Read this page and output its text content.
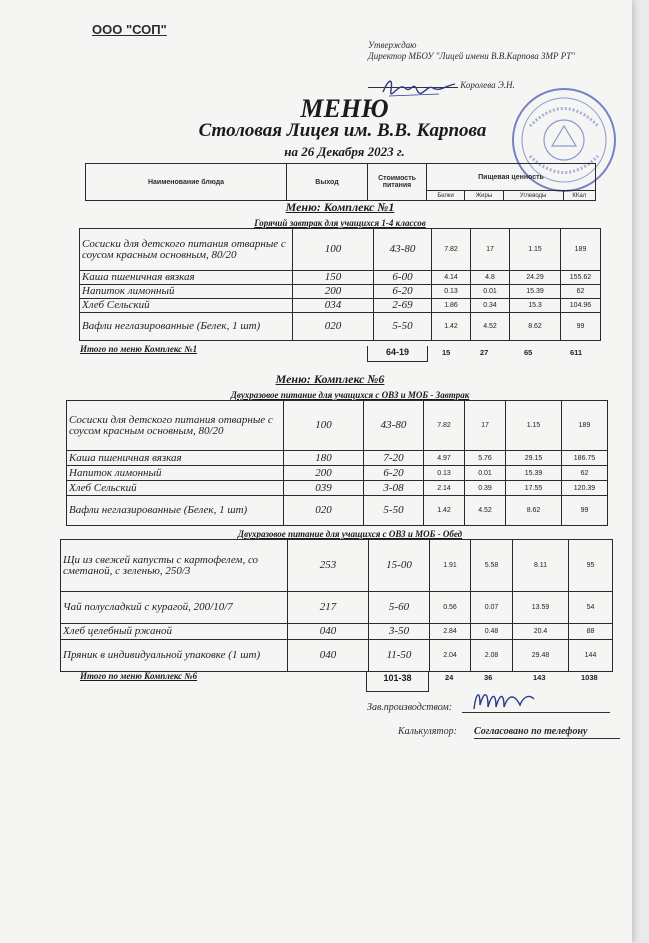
ООО "СОП"
Утверждаю
Директор МБОУ "Лицей имени В.В.Карпова ЗМР РТ"
Королева Э.Н.
МЕНЮ
Столовая Лицея им. В.В. Карпова
на 26 Декабря 2023 г.
Наименование блюда	Выход	Стоимость
питания	Пищевая ценность			
			Белки	Жиры	Углеводы	ККал
Меню: Комплекс №1
Горячий завтрак для учащихся 1-4 классов
Сосиски для детского питания отварные с соусом красным основным, 80/20	100	43-80	7.82	17	1.15	189
Каша пшеничная вязкая	150	6-00	4.14	4.8	24.29	155.62
Напиток лимонный	200	6-20	0.13	0.01	15.39	62
Хлеб Сельский	034	2-69	1.86	0.34	15.3	104.96
Вафли неглазированные (Белек, 1 шт)	020	5-50	1.42	4.52	8.62	99
Итого по меню Комплекс №1	64-19	15	27	65	611
Меню: Комплекс №6
Двухразовое питание для учащихся с ОВЗ и МОБ - Завтрак
Сосиски для детского питания отварные с соусом красным основным, 80/20	100	43-80	7.82	17	1.15	189
Каша пшеничная вязкая	180	7-20	4.97	5.76	29.15	186.75
Напиток лимонный	200	6-20	0.13	0.01	15.39	62
Хлеб Сельский	039	3-08	2.14	0.39	17.55	120.39
Вафли неглазированные (Белек, 1 шт)	020	5-50	1.42	4.52	8.62	99
Двухразовое питание для учащихся с ОВЗ и МОБ - Обед
Щи из свежей капусты с картофелем, со сметаной, с зеленью, 250/3	253	15-00	1.91	5.58	8.11	95
Чай полусладкий с курагой, 200/10/7	217	5-60	0.56	0.07	13.59	54
Хлеб целебный ржаной	040	3-50	2.84	0.48	20.4	88
Пряник в индивидуальной упаковке (1 шт)	040	11-50	2.04	2.08	29.48	144
Итого по меню Комплекс №6	101-38	24	36	143	1038
Зав.производством:
Калькулятор: Согласовано по телефону
